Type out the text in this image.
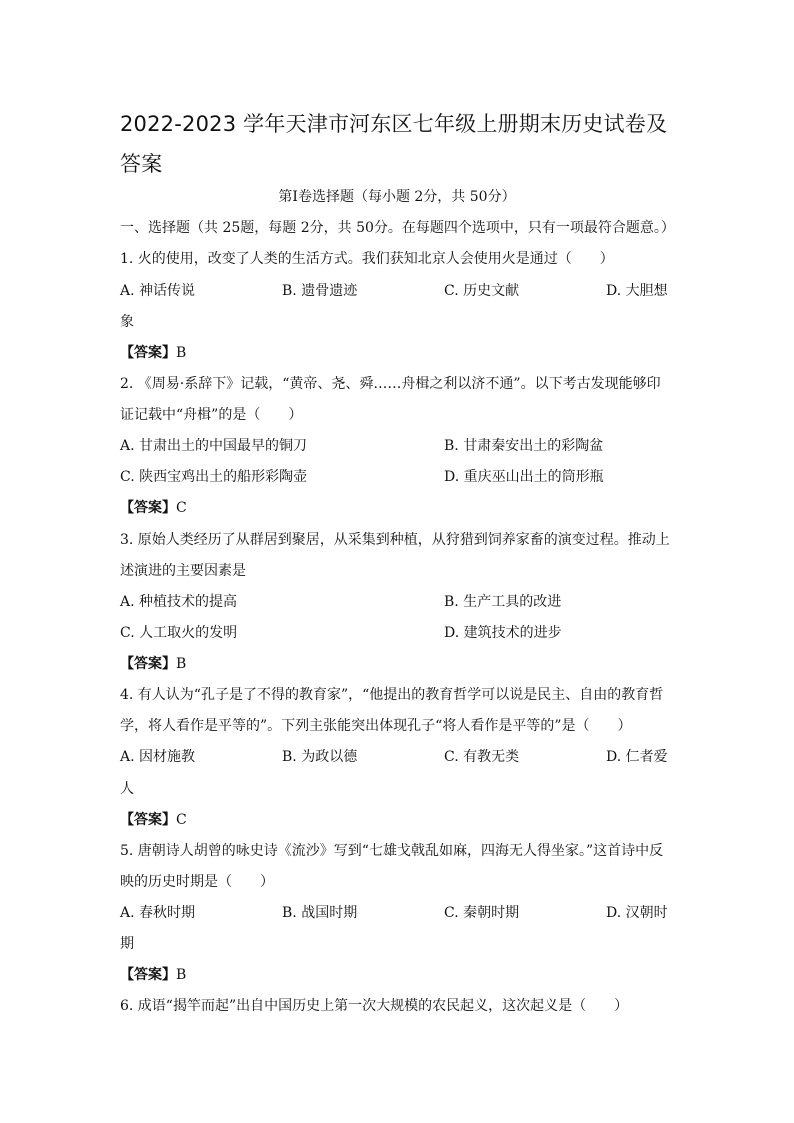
2022-2023 学年天津市河东区七年级上册期末历史试卷及答案
第Ⅰ卷选择题（每小题 2分，共 50分）
一、选择题（共 25题，每题 2分，共 50分。在每题四个选项中，只有一项最符合题意。）
1. 火的使用，改变了人类的生活方式。我们获知北京人会使用火是通过（　　）
A. 神话传说	B. 遗骨遗迹	C. 历史文献	D. 大胆想
象
【答案】B
2. 《周易·系辞下》记载，“黄帝、尧、舜……舟楫之利以济不通”。以下考古发现能够印
证记载中“舟楫”的是（　　）
A. 甘肃出土的中国最早的铜刀	B. 甘肃秦安出土的彩陶盆
C. 陕西宝鸡出土的船形彩陶壶	D. 重庆巫山出土的筒形瓶
【答案】C
3. 原始人类经历了从群居到聚居，从采集到种植，从狩猎到饲养家畜的演变过程。推动上
述演进的主要因素是
A. 种植技术的提高	B. 生产工具的改进
C. 人工取火的发明	D. 建筑技术的进步
【答案】B
4. 有人认为“孔子是了不得的教育家”，“他提出的教育哲学可以说是民主、自由的教育哲
学，将人看作是平等的”。下列主张能突出体现孔子“将人看作是平等的”是（　　）
A. 因材施教	B. 为政以德	C. 有教无类	D. 仁者爱
人
【答案】C
5. 唐朝诗人胡曾的咏史诗《流沙》写到“七雄戈戟乱如麻，四海无人得坐家。”这首诗中反
映的历史时期是（　　）
A. 春秋时期	B. 战国时期	C. 秦朝时期	D. 汉朝时
期
【答案】B
6. 成语“揭竿而起”出自中国历史上第一次大规模的农民起义，这次起义是（　　）
